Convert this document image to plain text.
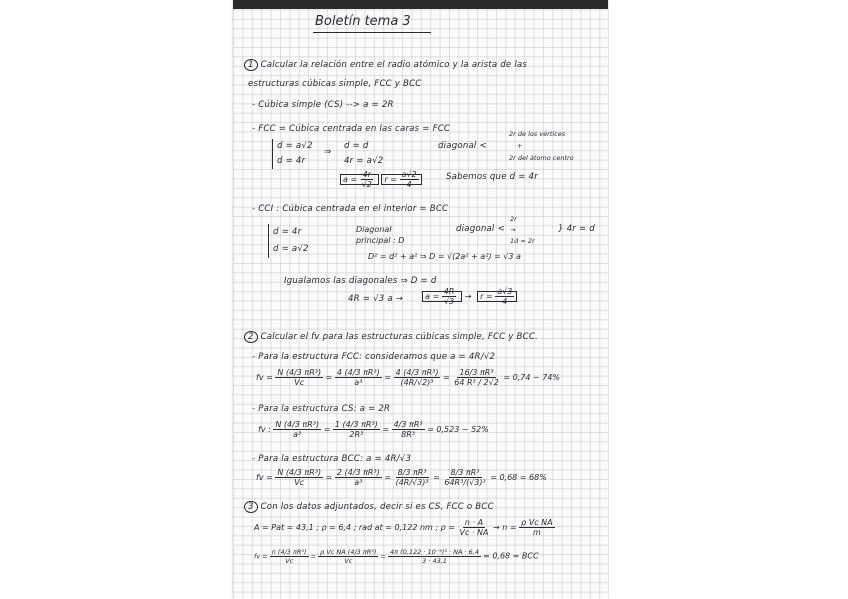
Boletín tema 3
1 Calcular la relación entre el radio atómico y la arista de las
estructuras cúbicas simple, FCC y BCC
- Cúbica simple (CS) --> a = 2R
- FCC = Cúbica centrada en las caras = FCC
d = a√2
d = 4r
⇒
d = d
4r = a√2
diagonal <
2r de los vértices
+
2r del átomo centro
$a = \frac{4r}{√2}$ $r = \frac{a√2}{4}$	Sabemos que d = 4r
- CCI : Cúbica centrada en el interior = BCC
d = 4r
d = a√2
Diagonal
principal : D
diagonal <
2r
→
1d = 2r
} 4r = d
D² = d² + a² ⇒ D = √(2a² + a²) = √3 a
Igualamos las diagonales ⇒ D = d
4R = √3 a →	$a = \frac{4R}{√3} \to r = \frac{a√3}{4}$
2 Calcular el fv para las estructuras cúbicas simple, FCC y BCC.
- Para la estructura FCC: consideramos que a = 4R/√2
fv = $\frac{\text{N (4/3 πR³)}}{Vc} = \frac{\text{4 (4/3 πR³)}}{\text{a³}} = \frac{\text{4 (4/3 πR³)}}{\text{(4R/√2)³}} = \frac{\text{16/3 πR³}}{\text{64 R³ / 2√2}} = 0,74$ ~ 74%
- Para la estructura CS: a = 2R
fv : $\frac{\text{N (4/3 πR³)}}{\text{a³}} = \frac{\text{1 (4/3 πR³)}}{\text{2R³}} = \frac{\text{4/3 πR³}}{\text{8R³}} = 0,523$ ~ 52%
- Para la estructura BCC: a = 4R/√3
fv = $\frac{\text{N (4/3 πR³)}}{Vc} = \frac{\text{2 (4/3 πR³)}}{\text{a³}} = \frac{\text{8/3 πR³}}{\text{(4R/√3)³}} = \frac{\text{8/3 πR³}}{\text{64R³/(√3)³}} = 0,68 = 68\%$
3 Con los datos adjuntados, decir si es CS, FCC o BCC
A = Pat = 43,1 ; ρ = 6,4 ; rad at = 0,122 nm ; $\rho = \frac{n \cdot A}{Vc \cdot NA} \to n = \frac{\text{ρ Vc NA}}{m}$
fv = $\frac{\text{n (4/3 πR³)}}{Vc} = \frac{\text{ρ Vc NA (4/3 πR³)}}{Vc} = \frac{\text{4π (0,122 · 10⁻⁹)³ · NA · 6,4}}{3 \cdot 43,1} = 0,68$ = BCC
